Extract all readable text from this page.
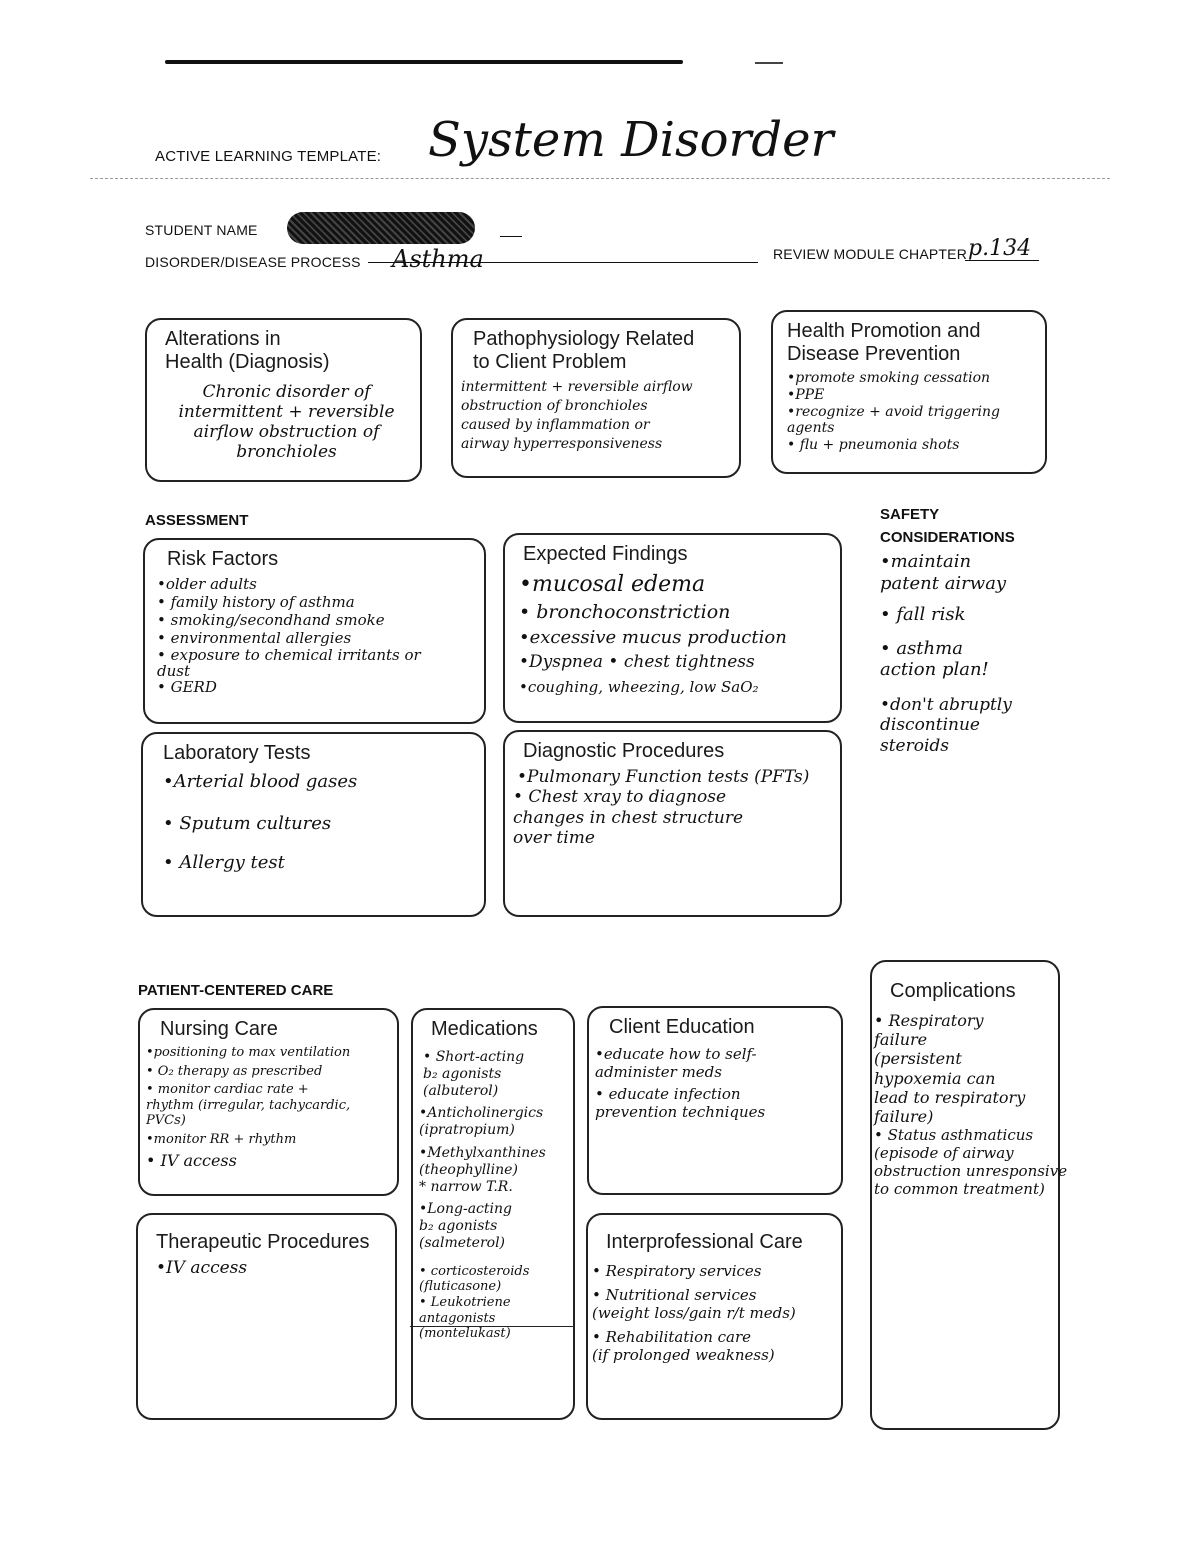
ACTIVE LEARNING TEMPLATE: System Disorder
STUDENT NAME
DISORDER/DISEASE PROCESS Asthma	REVIEW MODULE CHAPTER p.134
Alterations in
Health (Diagnosis)

Chronic disorder of
intermittent + reversible
airflow obstruction of
bronchioles

Pathophysiology Related
to Client Problem

intermittent + reversible airflow
obstruction of bronchioles
caused by inflammation or
airway hyperresponsiveness

Health Promotion and
Disease Prevention
•promote smoking cessation
•PPE
•recognize + avoid triggering
agents
• flu + pneumonia shots
ASSESSMENT
Risk Factors
•older adults
• family history of asthma
• smoking/secondhand smoke
• environmental allergies
• exposure to chemical irritants or
dust
• GERD
Expected Findings
•mucosal edema
• bronchoconstriction
•excessive mucus production
•Dyspnea • chest tightness
•coughing, wheezing, low SaO₂
Laboratory Tests
•Arterial blood gases
• Sputum cultures
• Allergy test
Diagnostic Procedures
•Pulmonary Function tests (PFTs)
• Chest xray to diagnose
changes in chest structure
over time
SAFETY
CONSIDERATIONS
•maintain
patent airway
• fall risk
• asthma
action plan!
•don't abruptly
discontinue
steroids
PATIENT-CENTERED CARE
Nursing Care
•positioning to max ventilation
• O₂ therapy as prescribed
• monitor cardiac rate +
rhythm (irregular, tachycardic,
PVCs)
•monitor RR + rhythm
• IV access
Medications
• Short-acting
b₂ agonists
(albuterol)
•Anticholinergics
(ipratropium)
•Methylxanthines
(theophylline)
* narrow T.R.
•Long-acting
b₂ agonists
(salmeterol)
• corticosteroids
(fluticasone)
• Leukotriene
antagonists
(montelukast)
Client Education
•educate how to self-
administer meds
• educate infection
prevention techniques
Therapeutic Procedures
•IV access
Interprofessional Care
• Respiratory services
• Nutritional services
(weight loss/gain r/t meds)
• Rehabilitation care
(if prolonged weakness)
Complications
• Respiratory
failure
(persistent
hypoxemia can
lead to respiratory
failure)
• Status asthmaticus
(episode of airway
obstruction unresponsive
to common treatment)
